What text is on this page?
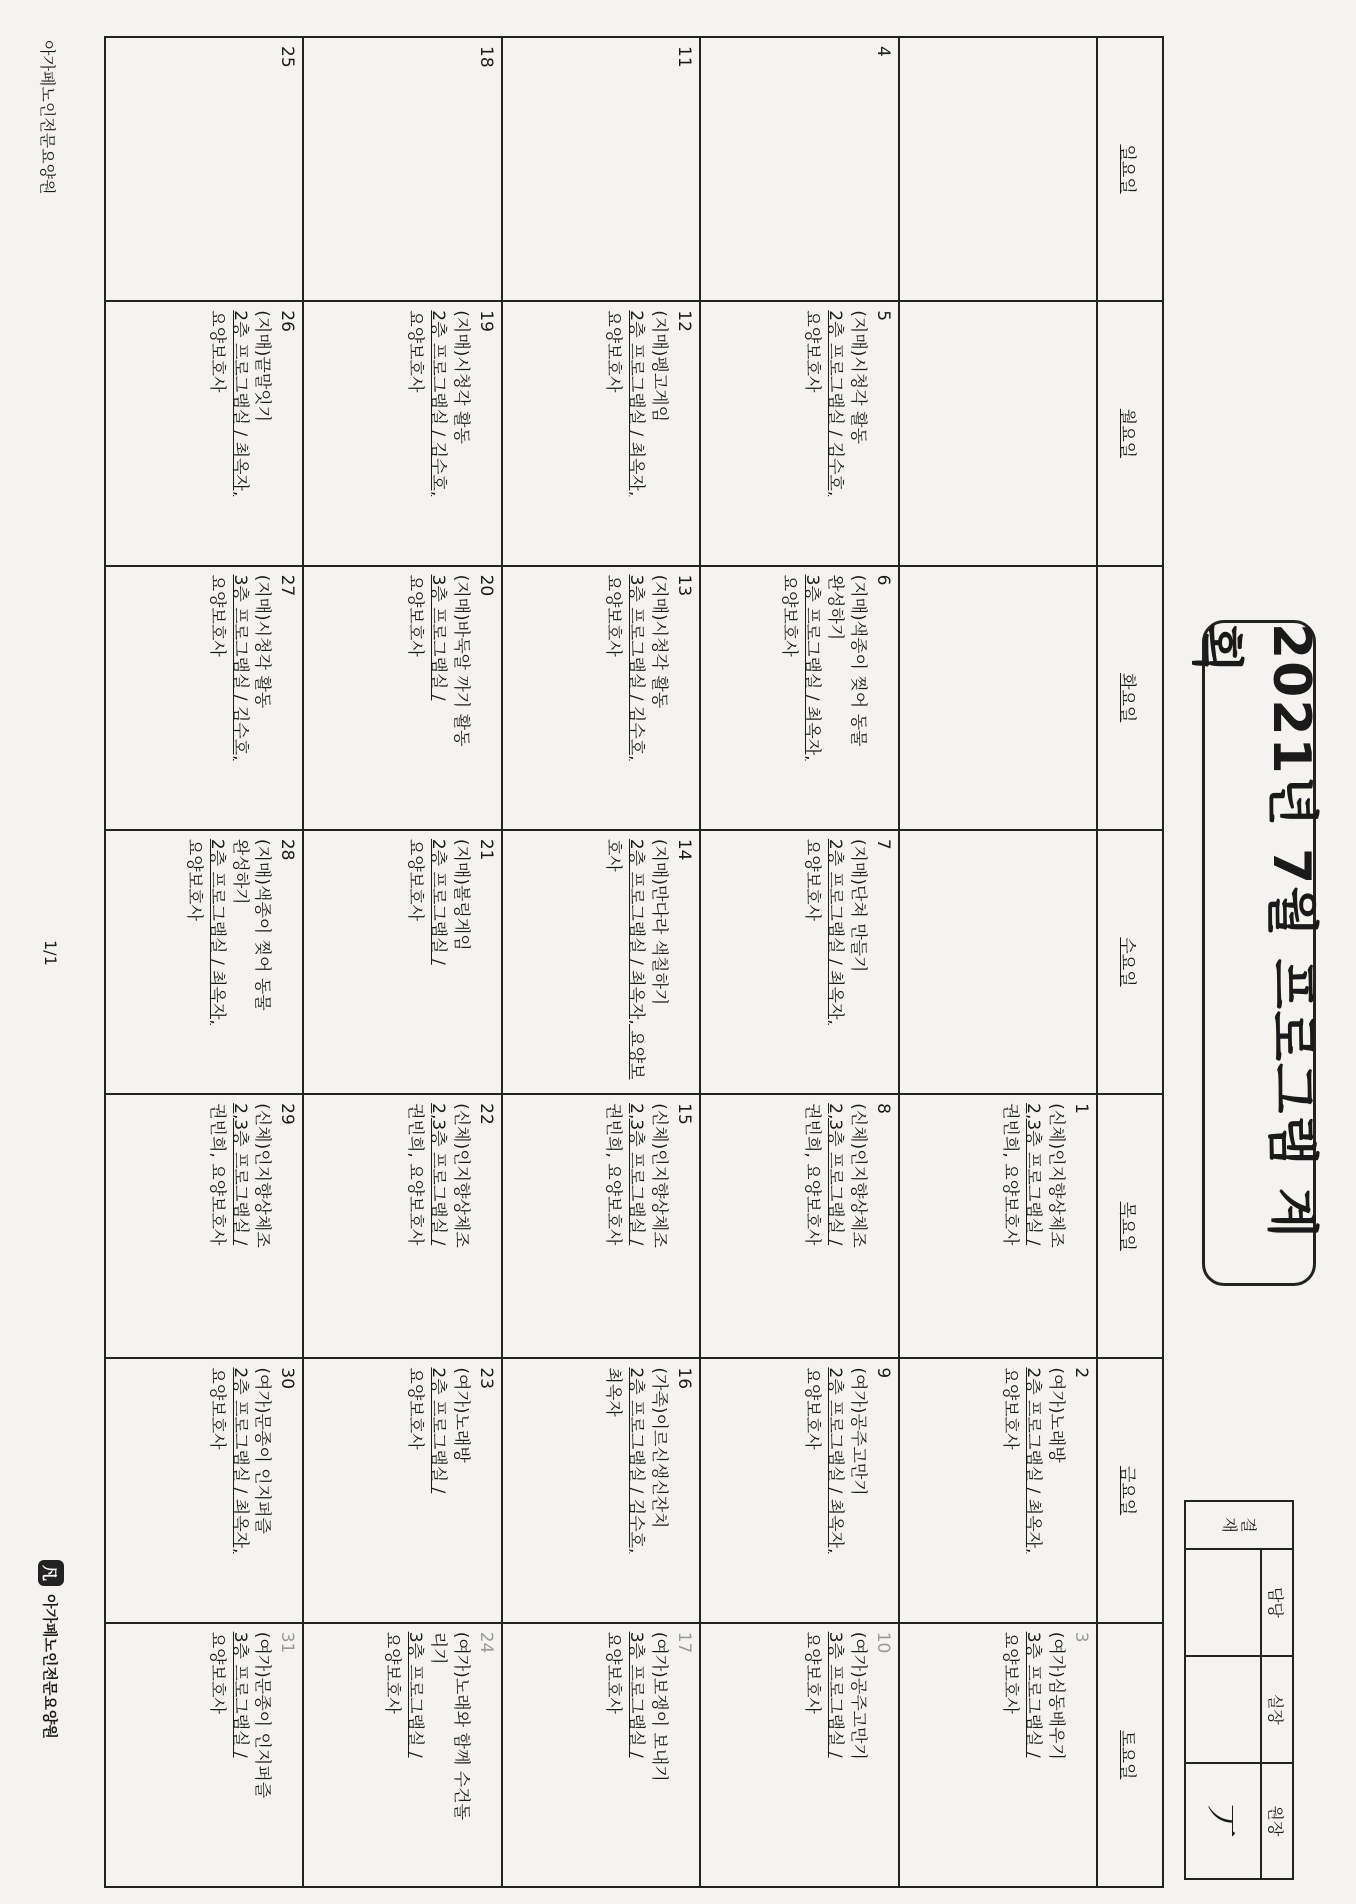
2021년 7월 프로그램 계획
결
재	담당	실장	원장
			丆
일요일	월요일	화요일	수요일	목요일	금요일	토요일

				1
(신체)인지향상체조
2,3층 프로그램실 /
권빈희, 요양보호사	2
(여가)노래방
2층 프로그램실 / 최옥자,
요양보호사	3
(여가)심동배우기
3층 프로그램실 /
요양보호사

4	5
(지매)시청각 활동
2층 프로그램실 / 김수호,
요양보호사	6
(지매)색종이 찢어 동물
완성하기
3층 프로그램실 / 최옥자,
요양보호사	7
(지매)단쳐 만들기
2층 프로그램실 / 최옥자,
요양보호사	8
(신체)인지향상체조
2,3층 프로그램실 /
권빈희, 요양보호사	9
(여가)공주고만기
2층 프로그램실 / 최옥자,
요양보호사	10
(여가)공주고만기
3층 프로그램실 /
요양보호사

11	12
(지매)펭고게임
2층 프로그램실 / 최옥자,
요양보호사	13
(지매)시청각 활동
3층 프로그램실 / 김수호,
요양보호사	14
(지매)만다라 색칠하기
2층 프로그램실 / 최옥자, 요양보
호사	15
(신체)인지향상체조
2,3층 프로그램실 /
권빈희, 요양보호사	16
(가족)이르신생신잔치
2층 프로그램실 / 김수호,
최옥자	17
(여가)보쟁이 보내기
3층 프로그램실 /
요양보호사

18	19
(지매)시청각 활동
2층 프로그램실 / 김수호,
요양보호사	20
(지매)바둑알 까기 활동
3층 프로그램실 /
요양보호사	21
(지매)볼링게임
2층 프로그램실 /
요양보호사	22
(신체)인지향상체조
2,3층 프로그램실 /
권빈희, 요양보호사	23
(여가)노래방
2층 프로그램실 /
요양보호사	24
(여가)노래와 함께 수건돌
리기
3층 프로그램실 /
요양보호사

25	26
(지매)끝말잇기
2층 프로그램실 / 최옥자,
요양보호사	27
(지매)시청각 활동
3층 프로그램실 / 김수호,
요양보호사	28
(지매)색종이 찢어 동물
완성하기
2층 프로그램실 / 최옥자,
요양보호사	29
(신체)인지향상체조
2,3층 프로그램실 /
권빈희, 요양보호사	30
(여가)문종이 인지퍼즐
2층 프로그램실 / 최옥자,
요양보호사	31
(여가)문종이 인지퍼즐
3층 프로그램실 /
요양보호사
아가페노인전문요양원
1/1
凡
아가페노인전문요양원
